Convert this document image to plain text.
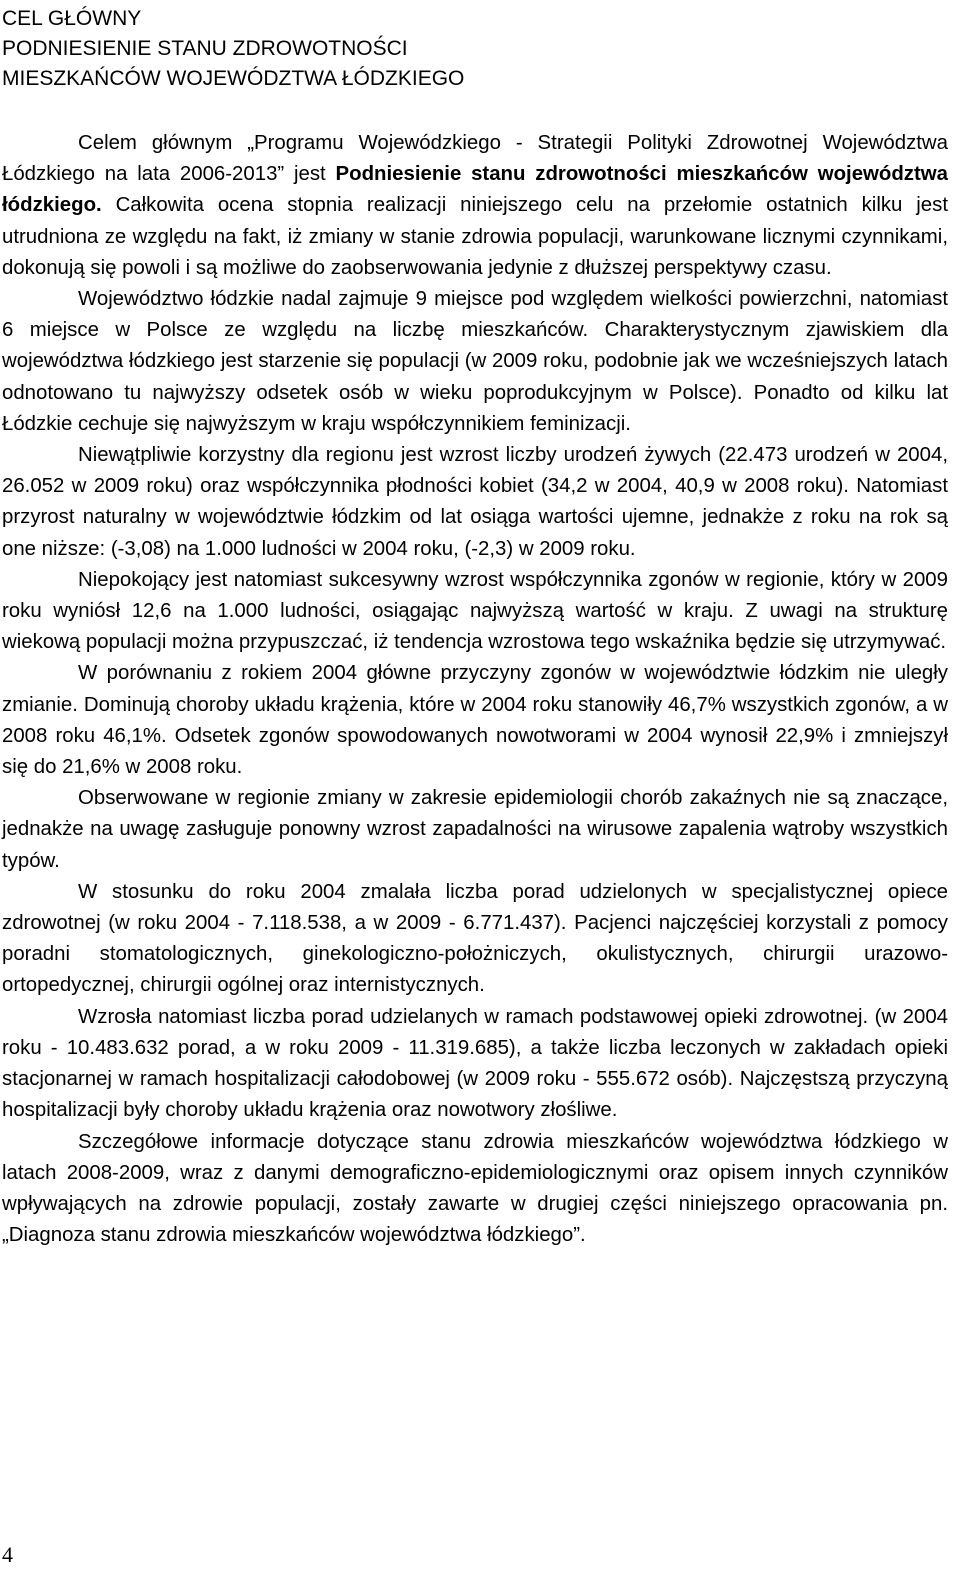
CEL GŁÓWNY
PODNIESIENIE STANU ZDROWOTNOŚCI
MIESZKAŃCÓW WOJEWÓDZTWA ŁÓDZKIEGO

Celem głównym „Programu Wojewódzkiego - Strategii Polityki Zdrowotnej Województwa Łódzkiego na lata 2006-2013” jest Podniesienie stanu zdrowotności mieszkańców województwa łódzkiego. Całkowita ocena stopnia realizacji niniejszego celu na przełomie ostatnich kilku jest utrudniona ze względu na fakt, iż zmiany w stanie zdrowia populacji, warunkowane licznymi czynnikami, dokonują się powoli i są możliwe do zaobserwowania jedynie z dłuższej perspektywy czasu.

Województwo łódzkie nadal zajmuje 9 miejsce pod względem wielkości powierzchni, natomiast 6 miejsce w Polsce ze względu na liczbę mieszkańców. Charakterystycznym zjawiskiem dla województwa łódzkiego jest starzenie się populacji (w 2009 roku, podobnie jak we wcześniejszych latach odnotowano tu najwyższy odsetek osób w wieku poprodukcyjnym w Polsce). Ponadto od kilku lat Łódzkie cechuje się najwyższym w kraju współczynnikiem feminizacji.

Niewątpliwie korzystny dla regionu jest wzrost liczby urodzeń żywych (22.473 urodzeń w 2004, 26.052 w 2009 roku) oraz współczynnika płodności kobiet (34,2 w 2004, 40,9 w 2008 roku). Natomiast przyrost naturalny w województwie łódzkim od lat osiąga wartości ujemne, jednakże z roku na rok są one niższe: (-3,08) na 1.000 ludności w 2004 roku, (-2,3) w 2009 roku.

Niepokojący jest natomiast sukcesywny wzrost współczynnika zgonów w regionie, który w 2009 roku wyniósł 12,6 na 1.000 ludności, osiągając najwyższą wartość w kraju. Z uwagi na strukturę wiekową populacji można przypuszczać, iż tendencja wzrostowa tego wskaźnika będzie się utrzymywać.

W porównaniu z rokiem 2004 główne przyczyny zgonów w województwie łódzkim nie uległy zmianie. Dominują choroby układu krążenia, które w 2004 roku stanowiły 46,7% wszystkich zgonów, a w 2008 roku 46,1%. Odsetek zgonów spowodowanych nowotworami w 2004 wynosił 22,9% i zmniejszył się do 21,6% w 2008 roku.

Obserwowane w regionie zmiany w zakresie epidemiologii chorób zakaźnych nie są znaczące, jednakże na uwagę zasługuje ponowny wzrost zapadalności na wirusowe zapalenia wątroby wszystkich typów.

W stosunku do roku 2004 zmalała liczba porad udzielonych w specjalistycznej opiece zdrowotnej (w roku 2004 - 7.118.538, a w 2009 - 6.771.437). Pacjenci najczęściej korzystali z pomocy poradni stomatologicznych, ginekologiczno-położniczych, okulistycznych, chirurgii urazowo-ortopedycznej, chirurgii ogólnej oraz internistycznych.

Wzrosła natomiast liczba porad udzielanych w ramach podstawowej opieki zdrowotnej. (w 2004 roku - 10.483.632 porad, a w roku 2009 - 11.319.685), a także liczba leczonych w zakładach opieki stacjonarnej w ramach hospitalizacji całodobowej (w 2009 roku - 555.672 osób). Najczęstszą przyczyną hospitalizacji były choroby układu krążenia oraz nowotwory złośliwe.

Szczegółowe informacje dotyczące stanu zdrowia mieszkańców województwa łódzkiego w latach 2008-2009, wraz z danymi demograficzno-epidemiologicznymi oraz opisem innych czynników wpływających na zdrowie populacji, zostały zawarte w drugiej części niniejszego opracowania pn. „Diagnoza stanu zdrowia mieszkańców województwa łódzkiego”.

4
